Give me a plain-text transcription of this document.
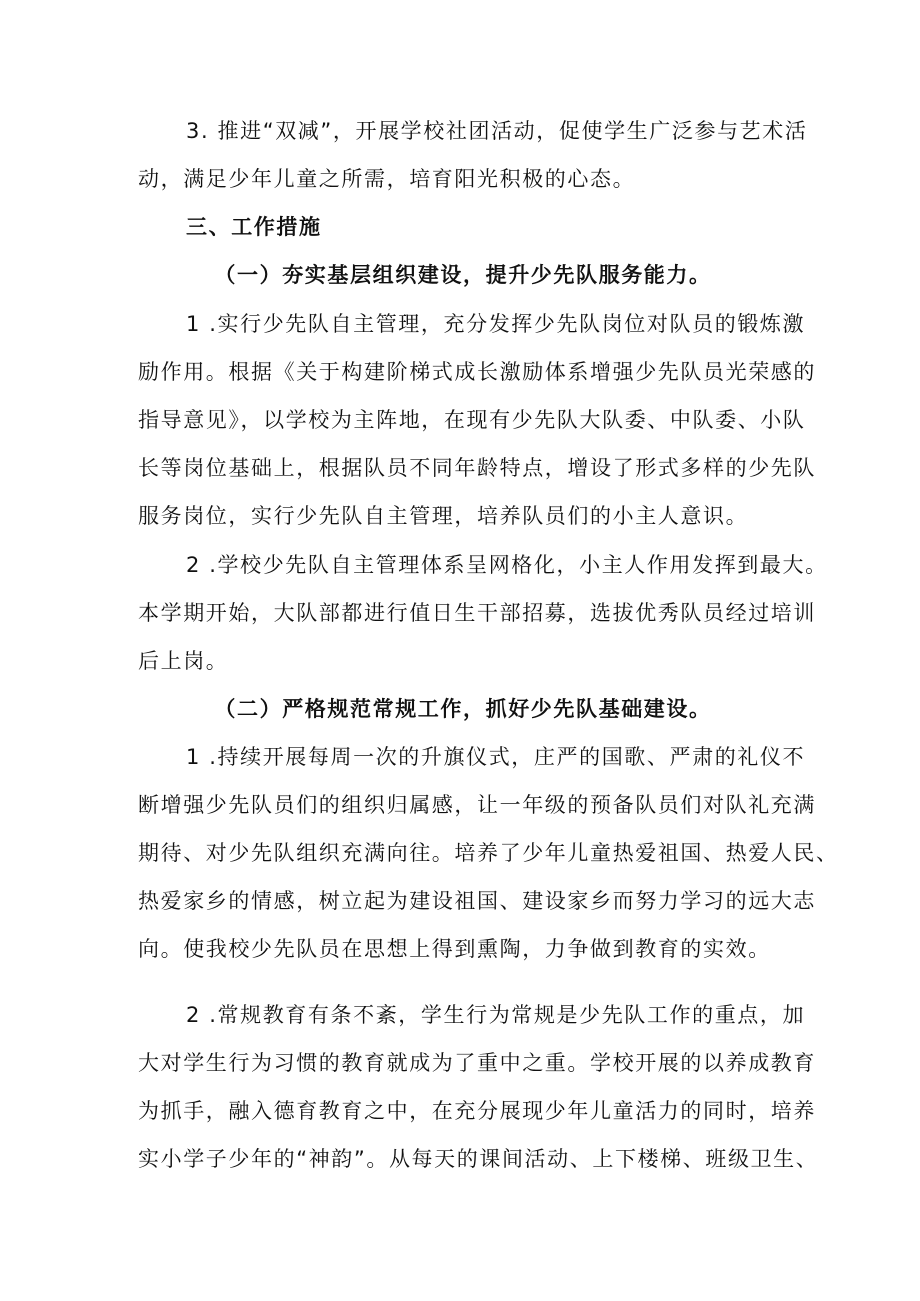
3. 推进“双减”，开展学校社团活动，促使学生广泛参与艺术活
动，满足少年儿童之所需，培育阳光积极的心态。
三、工作措施
（一）夯实基层组织建设，提升少先队服务能力。
1 .实行少先队自主管理，充分发挥少先队岗位对队员的锻炼激
励作用。根据《关于构建阶梯式成长激励体系增强少先队员光荣感的
指导意见》，以学校为主阵地，在现有少先队大队委、中队委、小队
长等岗位基础上，根据队员不同年龄特点，增设了形式多样的少先队
服务岗位，实行少先队自主管理，培养队员们的小主人意识。
2 .学校少先队自主管理体系呈网格化，小主人作用发挥到最大。
本学期开始，大队部都进行值日生干部招募，选拔优秀队员经过培训
后上岗。
（二）严格规范常规工作，抓好少先队基础建设。
1 .持续开展每周一次的升旗仪式，庄严的国歌、严肃的礼仪不
断增强少先队员们的组织归属感，让一年级的预备队员们对队礼充满
期待、对少先队组织充满向往。培养了少年儿童热爱祖国、热爱人民、
热爱家乡的情感，树立起为建设祖国、建设家乡而努力学习的远大志
向。使我校少先队员在思想上得到熏陶，力争做到教育的实效。
2 .常规教育有条不紊，学生行为常规是少先队工作的重点，加
大对学生行为习惯的教育就成为了重中之重。学校开展的以养成教育
为抓手，融入德育教育之中，在充分展现少年儿童活力的同时，培养
实小学子少年的“神韵”。从每天的课间活动、上下楼梯、班级卫生、
